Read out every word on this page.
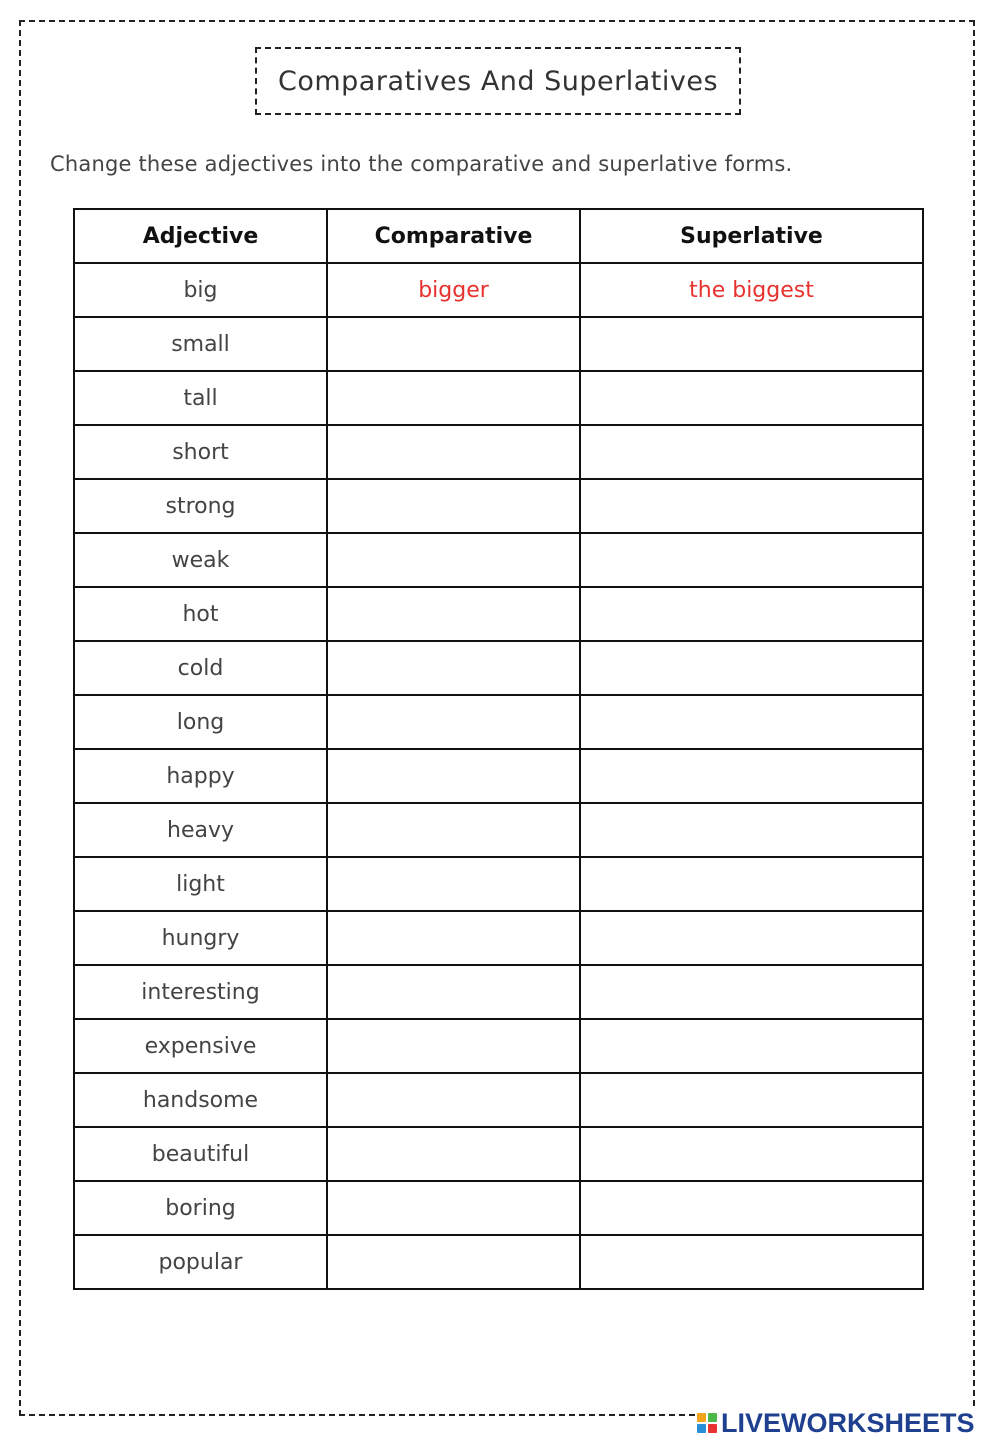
Comparatives And Superlatives
Change these adjectives into the comparative and superlative forms.
Adjective	Comparative	Superlative
big	bigger	the biggest
small		
tall		
short		
strong		
weak		
hot		
cold		
long		
happy		
heavy		
light		
hungry		
interesting		
expensive		
handsome		
beautiful		
boring		
popular		
LIVEWORKSHEETS
